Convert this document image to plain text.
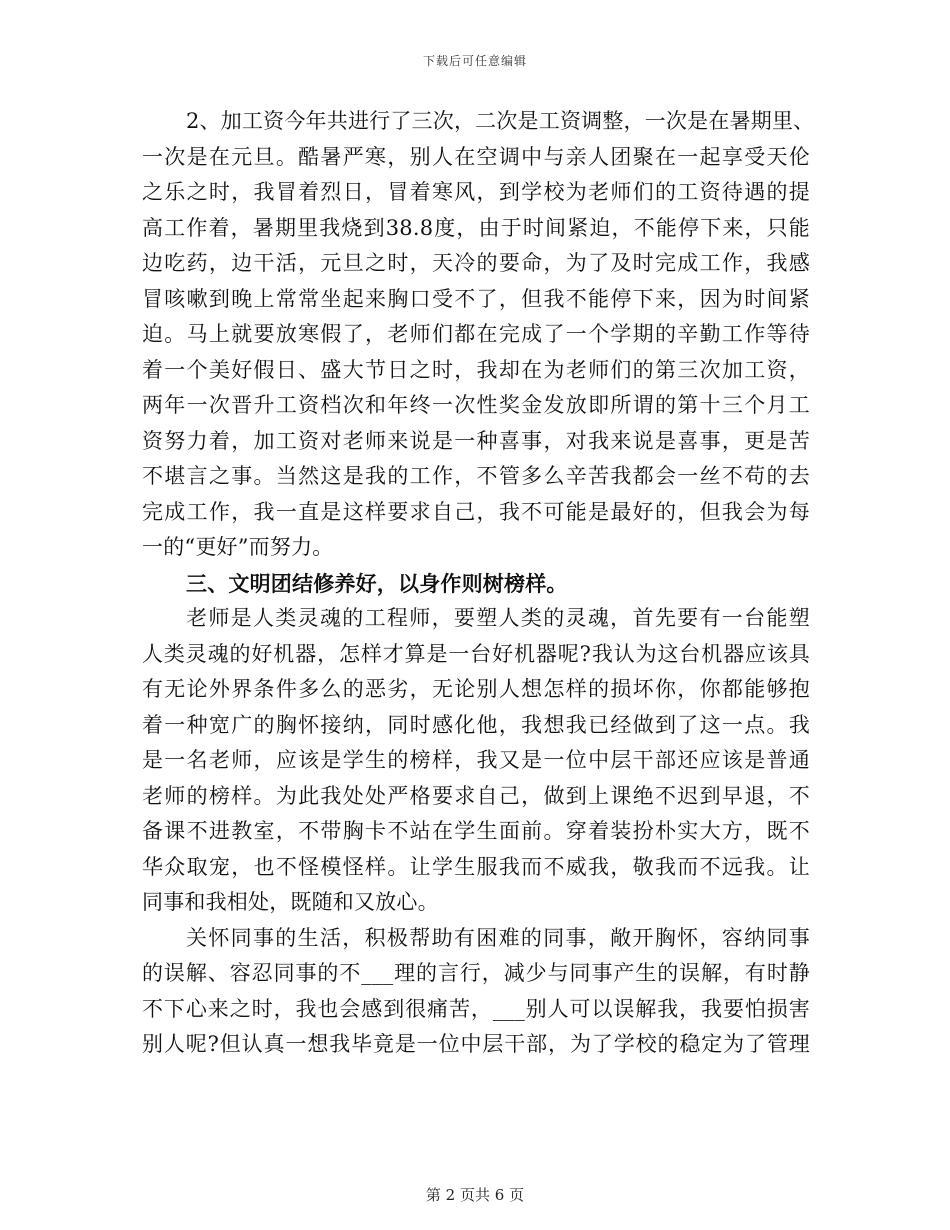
下载后可任意编辑
2、加工资今年共进行了三次，二次是工资调整，一次是在暑期里、
一次是在元旦。酷暑严寒，别人在空调中与亲人团聚在一起享受天伦
之乐之时，我冒着烈日，冒着寒风，到学校为老师们的工资待遇的提
高工作着，暑期里我烧到38.8度，由于时间紧迫，不能停下来，只能
边吃药，边干活，元旦之时，天冷的要命，为了及时完成工作，我感
冒咳嗽到晚上常常坐起来胸口受不了，但我不能停下来，因为时间紧
迫。马上就要放寒假了，老师们都在完成了一个学期的辛勤工作等待
着一个美好假日、盛大节日之时，我却在为老师们的第三次加工资，
两年一次晋升工资档次和年终一次性奖金发放即所谓的第十三个月工
资努力着，加工资对老师来说是一种喜事，对我来说是喜事，更是苦
不堪言之事。当然这是我的工作，不管多么辛苦我都会一丝不苟的去
完成工作，我一直是这样要求自己，我不可能是最好的，但我会为每
一的“更好”而努力。
三、文明团结修养好，以身作则树榜样。
老师是人类灵魂的工程师，要塑人类的灵魂，首先要有一台能塑
人类灵魂的好机器，怎样才算是一台好机器呢?我认为这台机器应该具
有无论外界条件多么的恶劣，无论别人想怎样的损坏你，你都能够抱
着一种宽广的胸怀接纳，同时感化他，我想我已经做到了这一点。我
是一名老师，应该是学生的榜样，我又是一位中层干部还应该是普通
老师的榜样。为此我处处严格要求自己，做到上课绝不迟到早退，不
备课不进教室，不带胸卡不站在学生面前。穿着装扮朴实大方，既不
华众取宠，也不怪模怪样。让学生服我而不威我，敬我而不远我。让
同事和我相处，既随和又放心。
关怀同事的生活，积极帮助有困难的同事，敞开胸怀，容纳同事
的误解、容忍同事的不___理的言行，减少与同事产生的误解，有时静
不下心来之时，我也会感到很痛苦，___别人可以误解我，我要怕损害
别人呢?但认真一想我毕竟是一位中层干部，为了学校的稳定为了管理
第 2 页共 6 页
